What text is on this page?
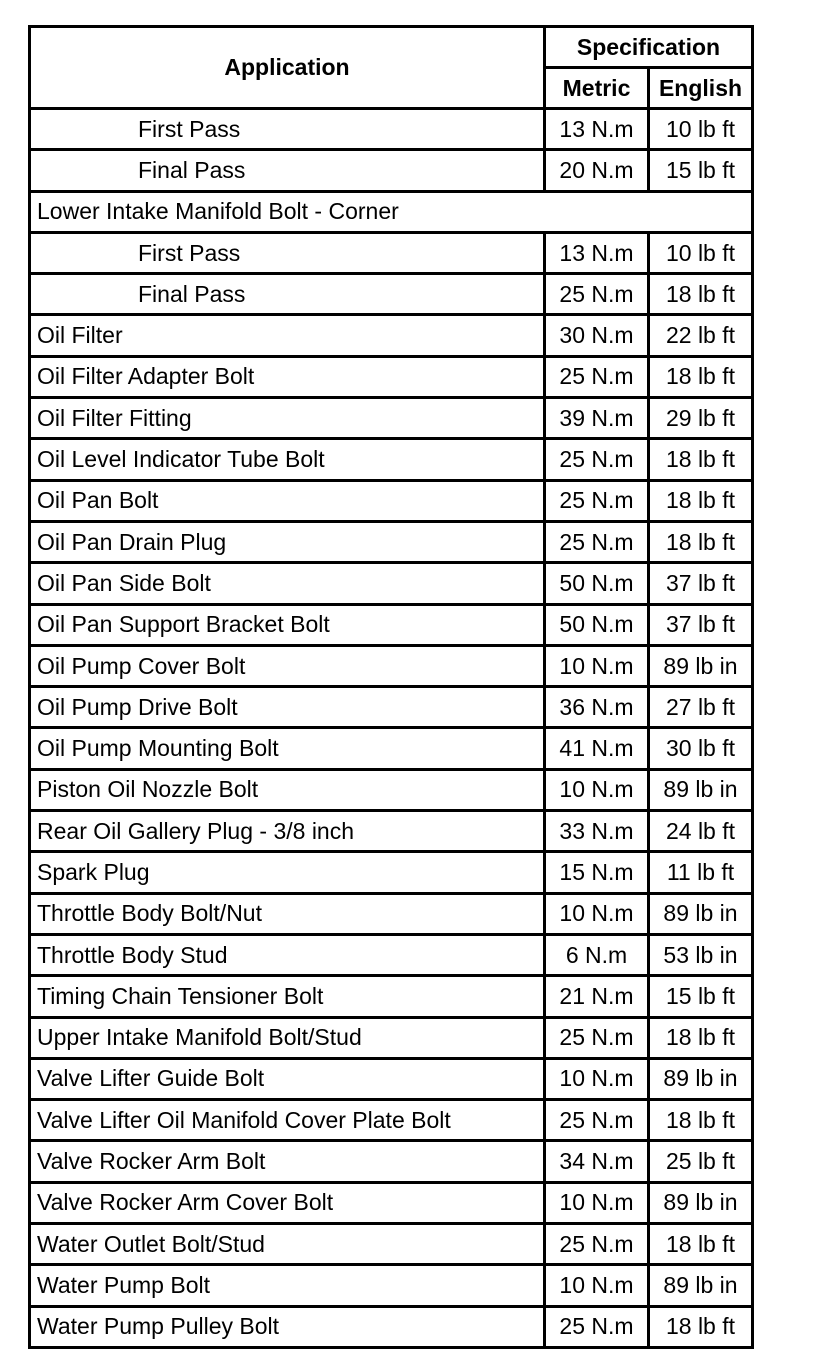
Application	Specification	
	Metric	English
First Pass	13 N.m	10 lb ft
Final Pass	20 N.m	15 lb ft
Lower Intake Manifold Bolt - Corner		
First Pass	13 N.m	10 lb ft
Final Pass	25 N.m	18 lb ft
Oil Filter	30 N.m	22 lb ft
Oil Filter Adapter Bolt	25 N.m	18 lb ft
Oil Filter Fitting	39 N.m	29 lb ft
Oil Level Indicator Tube Bolt	25 N.m	18 lb ft
Oil Pan Bolt	25 N.m	18 lb ft
Oil Pan Drain Plug	25 N.m	18 lb ft
Oil Pan Side Bolt	50 N.m	37 lb ft
Oil Pan Support Bracket Bolt	50 N.m	37 lb ft
Oil Pump Cover Bolt	10 N.m	89 lb in
Oil Pump Drive Bolt	36 N.m	27 lb ft
Oil Pump Mounting Bolt	41 N.m	30 lb ft
Piston Oil Nozzle Bolt	10 N.m	89 lb in
Rear Oil Gallery Plug - 3/8 inch	33 N.m	24 lb ft
Spark Plug	15 N.m	11 lb ft
Throttle Body Bolt/Nut	10 N.m	89 lb in
Throttle Body Stud	6 N.m	53 lb in
Timing Chain Tensioner Bolt	21 N.m	15 lb ft
Upper Intake Manifold Bolt/Stud	25 N.m	18 lb ft
Valve Lifter Guide Bolt	10 N.m	89 lb in
Valve Lifter Oil Manifold Cover Plate Bolt	25 N.m	18 lb ft
Valve Rocker Arm Bolt	34 N.m	25 lb ft
Valve Rocker Arm Cover Bolt	10 N.m	89 lb in
Water Outlet Bolt/Stud	25 N.m	18 lb ft
Water Pump Bolt	10 N.m	89 lb in
Water Pump Pulley Bolt	25 N.m	18 lb ft
